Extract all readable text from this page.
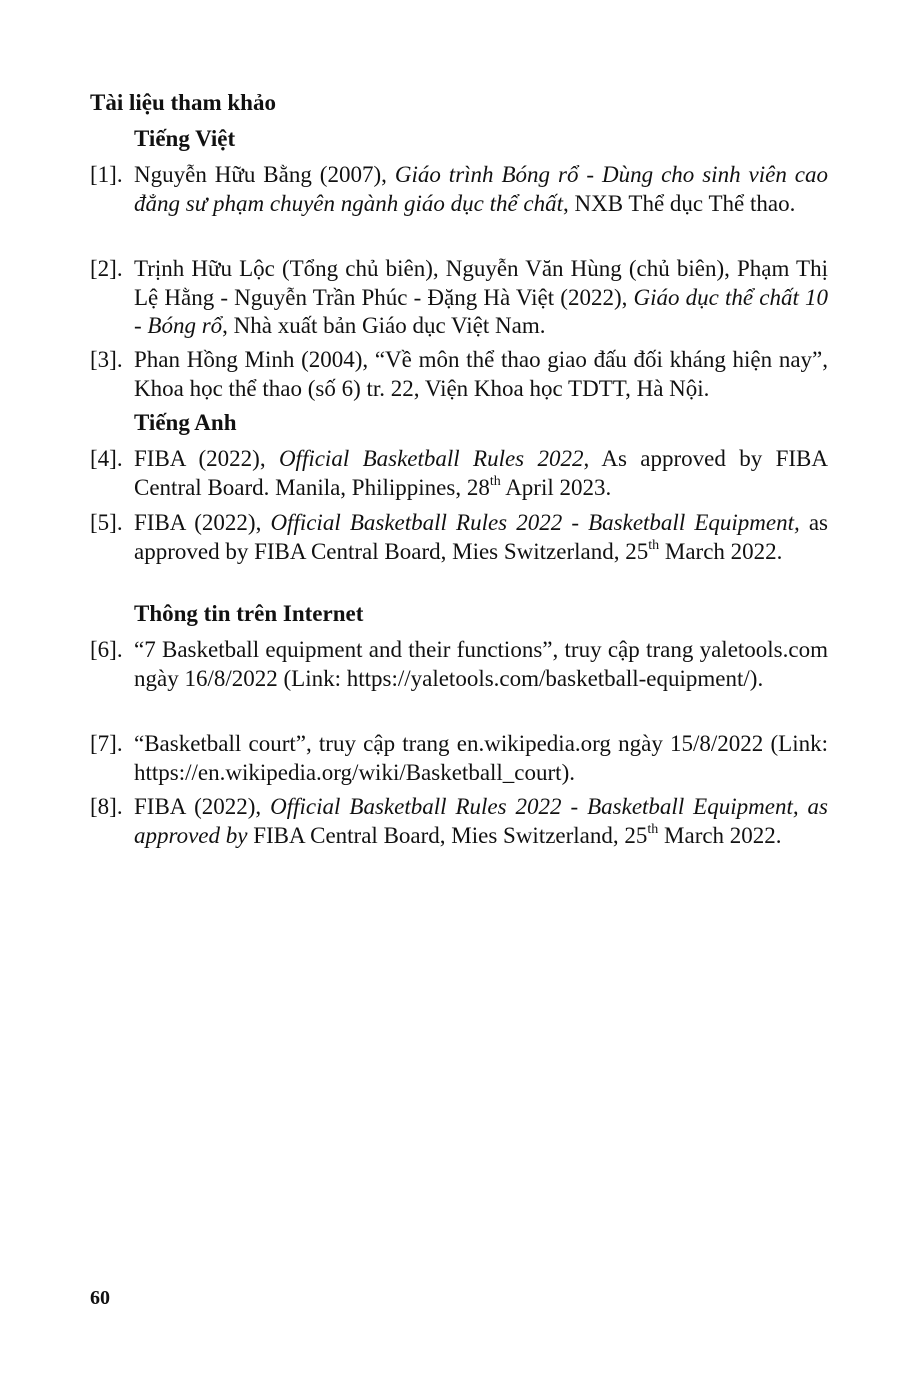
Tài liệu tham khảo
Tiếng Việt
[1]. Nguyễn Hữu Bằng (2007), Giáo trình Bóng rổ - Dùng cho sinh viên cao đẳng sư phạm chuyên ngành giáo dục thể chất, NXB Thể dục Thể thao.
[2]. Trịnh Hữu Lộc (Tổng chủ biên), Nguyễn Văn Hùng (chủ biên), Phạm Thị Lệ Hằng - Nguyễn Trần Phúc - Đặng Hà Việt (2022), Giáo dục thể chất 10 - Bóng rổ, Nhà xuất bản Giáo dục Việt Nam.
[3]. Phan Hồng Minh (2004), “Về môn thể thao giao đấu đối kháng hiện nay”, Khoa học thể thao (số 6) tr. 22, Viện Khoa học TDTT, Hà Nội.
Tiếng Anh
[4]. FIBA (2022), Official Basketball Rules 2022, As approved by FIBA Central Board. Manila, Philippines, 28th April 2023.
[5]. FIBA (2022), Official Basketball Rules 2022 - Basketball Equipment, as approved by FIBA Central Board, Mies Switzerland, 25th March 2022.
Thông tin trên Internet
[6]. “7 Basketball equipment and their functions”, truy cập trang yaletools.com ngày 16/8/2022 (Link: https://yaletools.com/basketball-equipment/).
[7]. “Basketball court”, truy cập trang en.wikipedia.org ngày 15/8/2022 (Link: https://en.wikipedia.org/wiki/Basketball_court).
[8]. FIBA (2022), Official Basketball Rules 2022 - Basketball Equipment, as approved by FIBA Central Board, Mies Switzerland, 25th March 2022.
60
